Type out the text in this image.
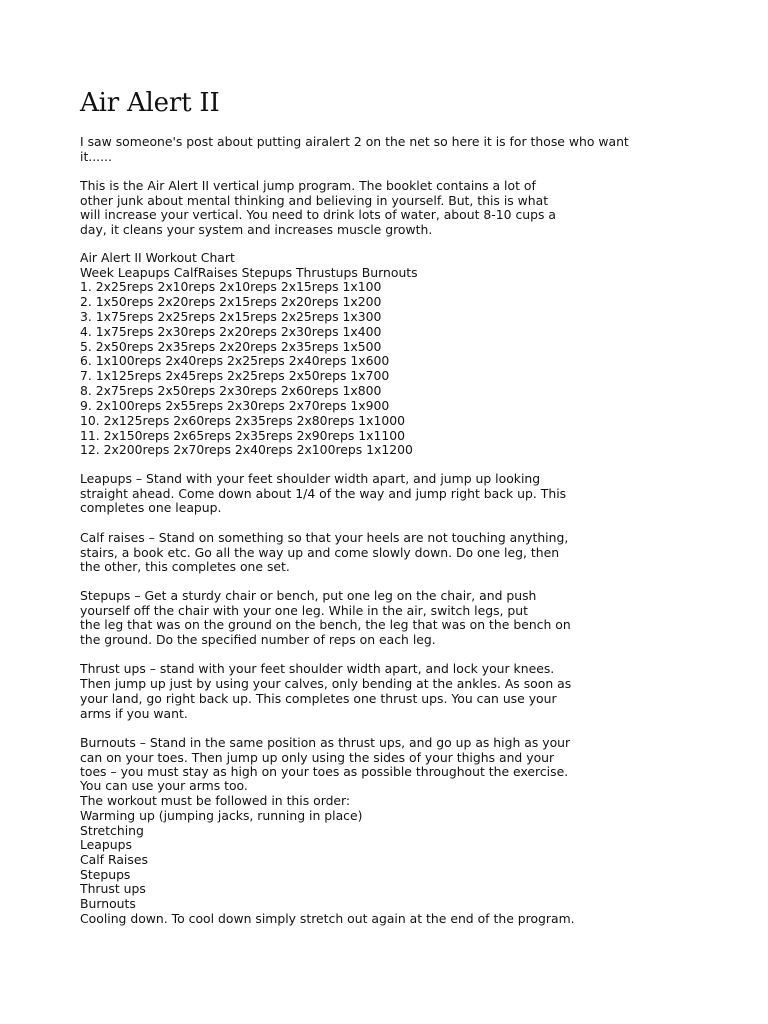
Air Alert II
I saw someone's post about putting airalert 2 on the net so here it is for those who want
it......
This is the Air Alert II vertical jump program. The booklet contains a lot of
other junk about mental thinking and believing in yourself. But, this is what
will increase your vertical. You need to drink lots of water, about 8-10 cups a
day, it cleans your system and increases muscle growth.
Air Alert II Workout Chart
Week Leapups CalfRaises Stepups Thrustups Burnouts
1. 2x25reps 2x10reps 2x10reps 2x15reps 1x100
2. 1x50reps 2x20reps 2x15reps 2x20reps 1x200
3. 1x75reps 2x25reps 2x15reps 2x25reps 1x300
4. 1x75reps 2x30reps 2x20reps 2x30reps 1x400
5. 2x50reps 2x35reps 2x20reps 2x35reps 1x500
6. 1x100reps 2x40reps 2x25reps 2x40reps 1x600
7. 1x125reps 2x45reps 2x25reps 2x50reps 1x700
8. 2x75reps 2x50reps 2x30reps 2x60reps 1x800
9. 2x100reps 2x55reps 2x30reps 2x70reps 1x900
10. 2x125reps 2x60reps 2x35reps 2x80reps 1x1000
11. 2x150reps 2x65reps 2x35reps 2x90reps 1x1100
12. 2x200reps 2x70reps 2x40reps 2x100reps 1x1200
Leapups – Stand with your feet shoulder width apart, and jump up looking
straight ahead. Come down about 1/4 of the way and jump right back up. This
completes one leapup.
Calf raises – Stand on something so that your heels are not touching anything,
stairs, a book etc. Go all the way up and come slowly down. Do one leg, then
the other, this completes one set.
Stepups – Get a sturdy chair or bench, put one leg on the chair, and push
yourself off the chair with your one leg. While in the air, switch legs, put
the leg that was on the ground on the bench, the leg that was on the bench on
the ground. Do the specified number of reps on each leg.
Thrust ups – stand with your feet shoulder width apart, and lock your knees.
Then jump up just by using your calves, only bending at the ankles. As soon as
your land, go right back up. This completes one thrust ups. You can use your
arms if you want.
Burnouts – Stand in the same position as thrust ups, and go up as high as your
can on your toes. Then jump up only using the sides of your thighs and your
toes – you must stay as high on your toes as possible throughout the exercise.
You can use your arms too.
The workout must be followed in this order:
Warming up (jumping jacks, running in place)
Stretching
Leapups
Calf Raises
Stepups
Thrust ups
Burnouts
Cooling down. To cool down simply stretch out again at the end of the program.
